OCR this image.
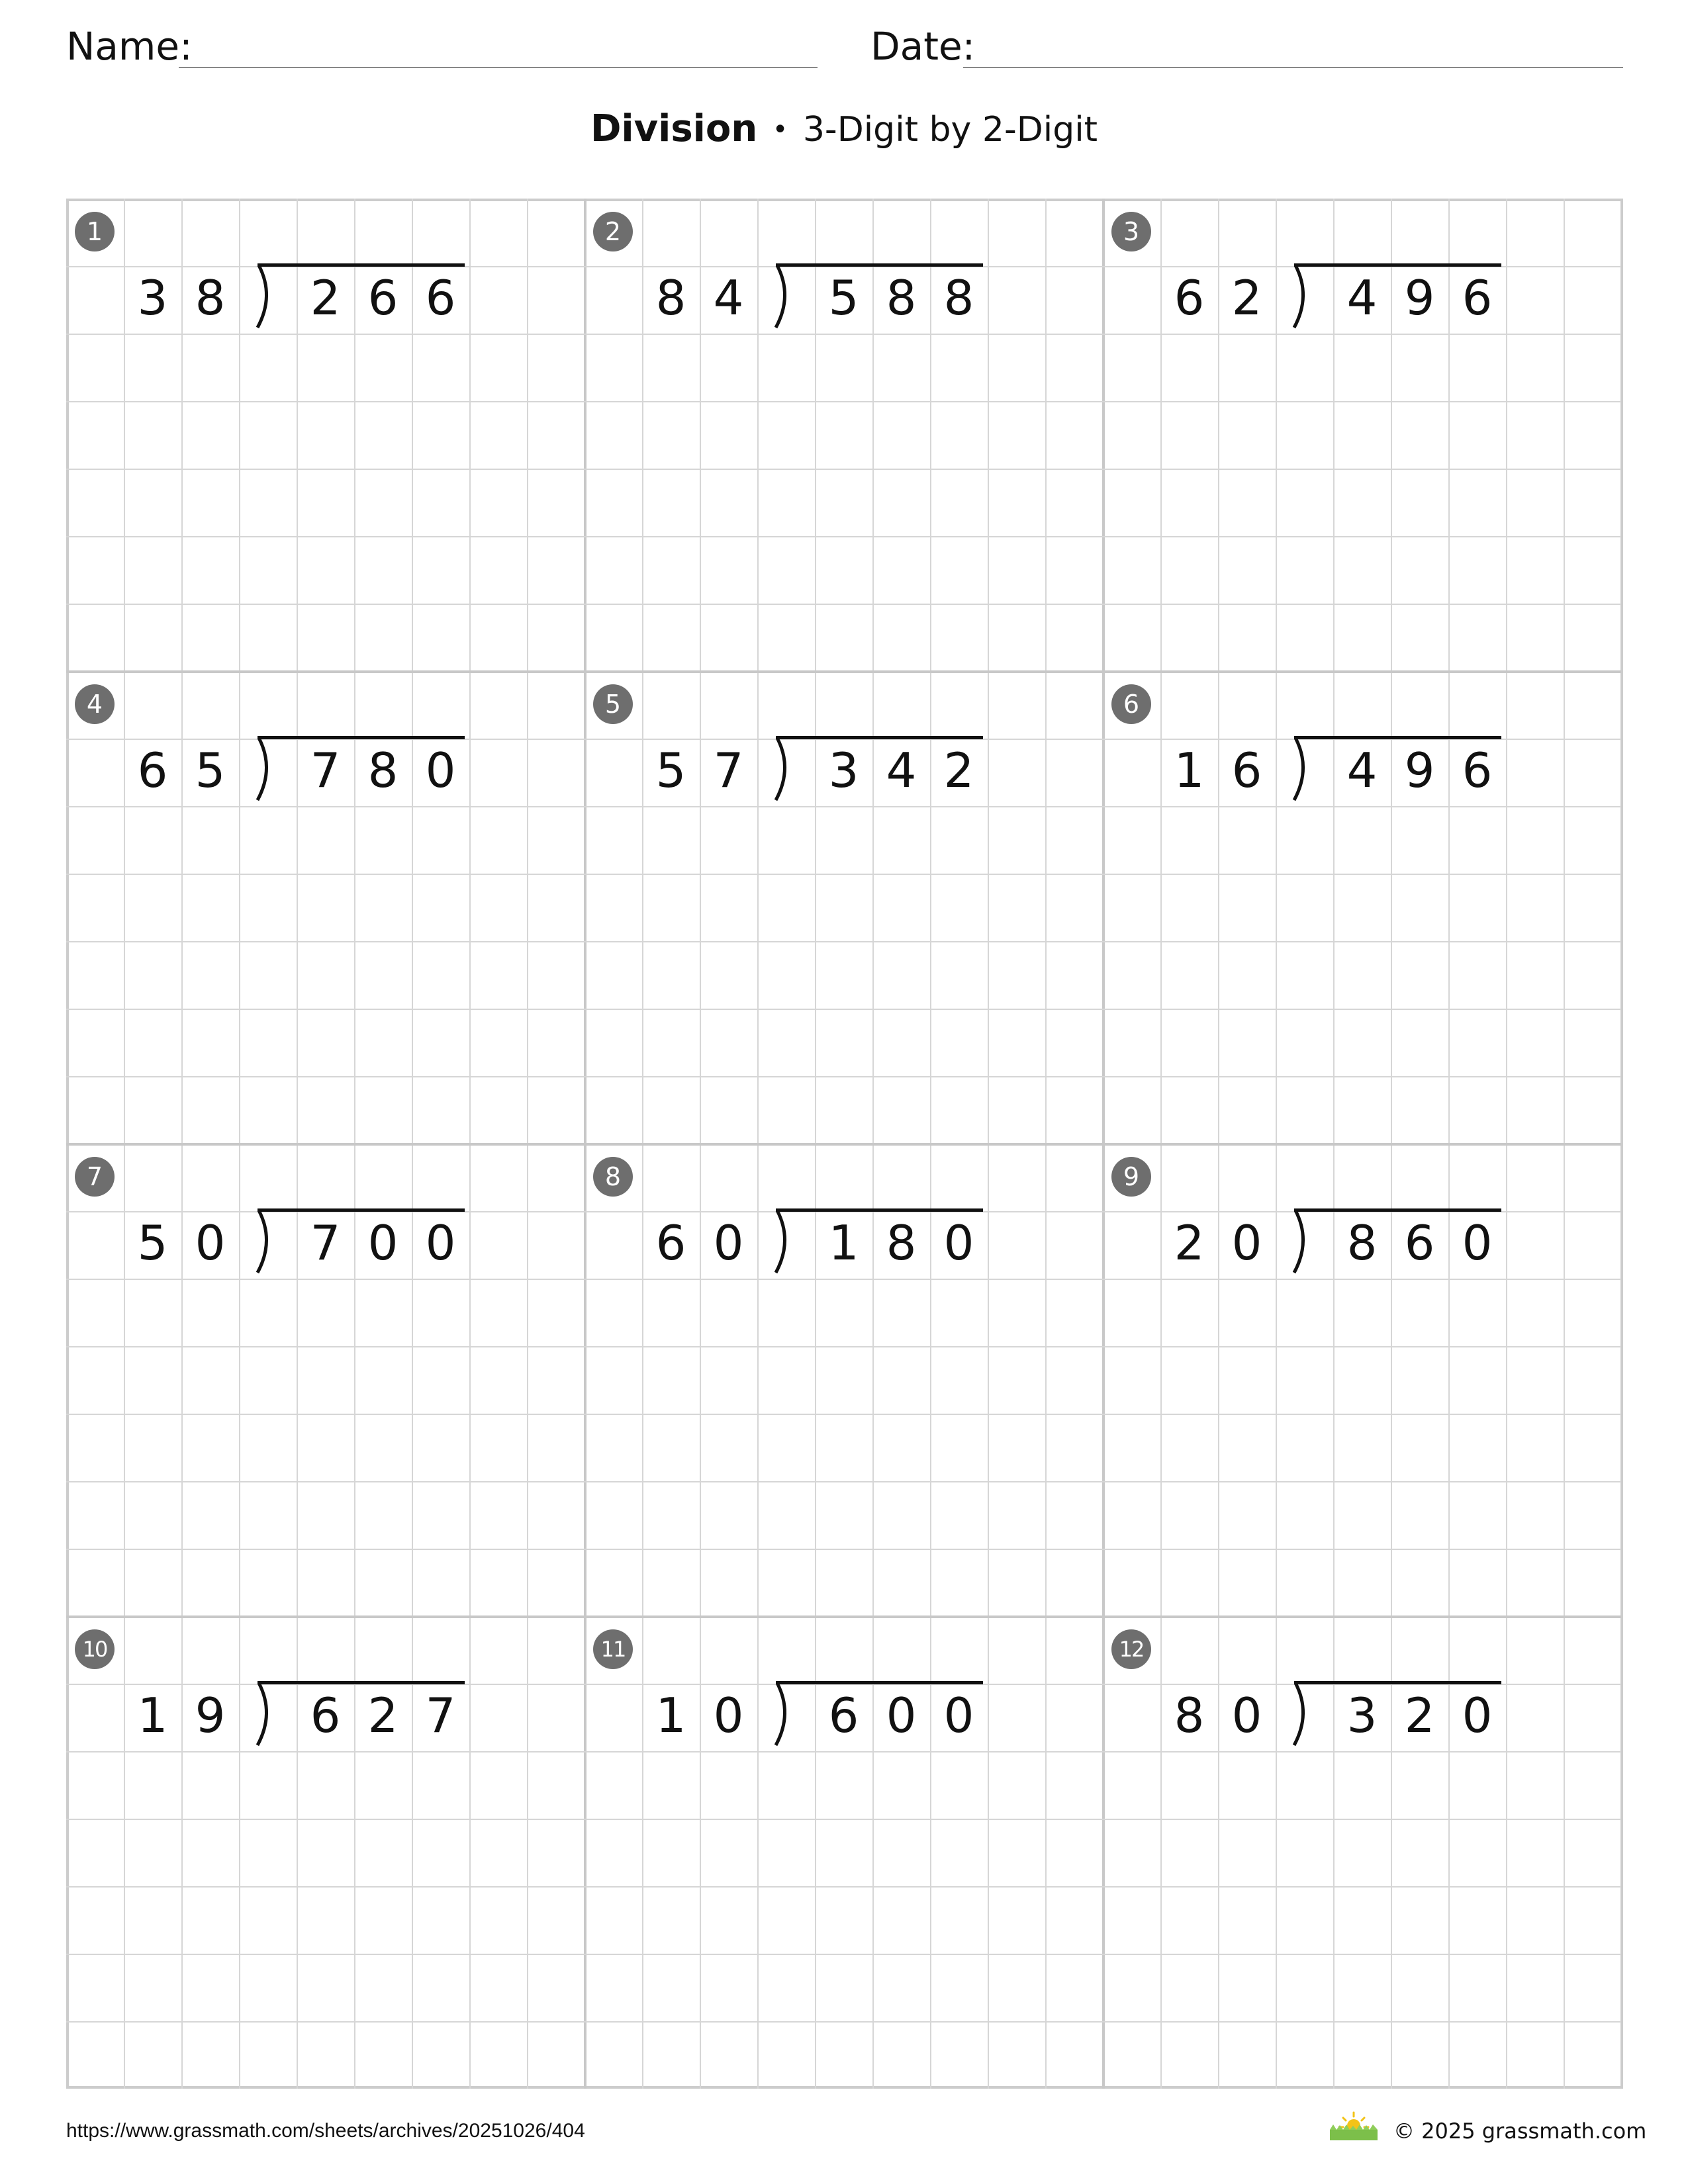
Name:	Date:
Division • 3-Digit by 2-Digit
1
3 8 2 6 6
2
8 4 5 8 8
3
6 2 4 9 6
4
6 5 7 8 0
5
5 7 3 4 2
6
1 6 4 9 6
7
5 0 7 0 0
8
6 0 1 8 0
9
2 0 8 6 0
10
1 9 6 2 7
11
1 0 6 0 0
12
8 0 3 2 0
https://www.grassmath.com/sheets/archives/20251026/404	© 2025 grassmath.com
